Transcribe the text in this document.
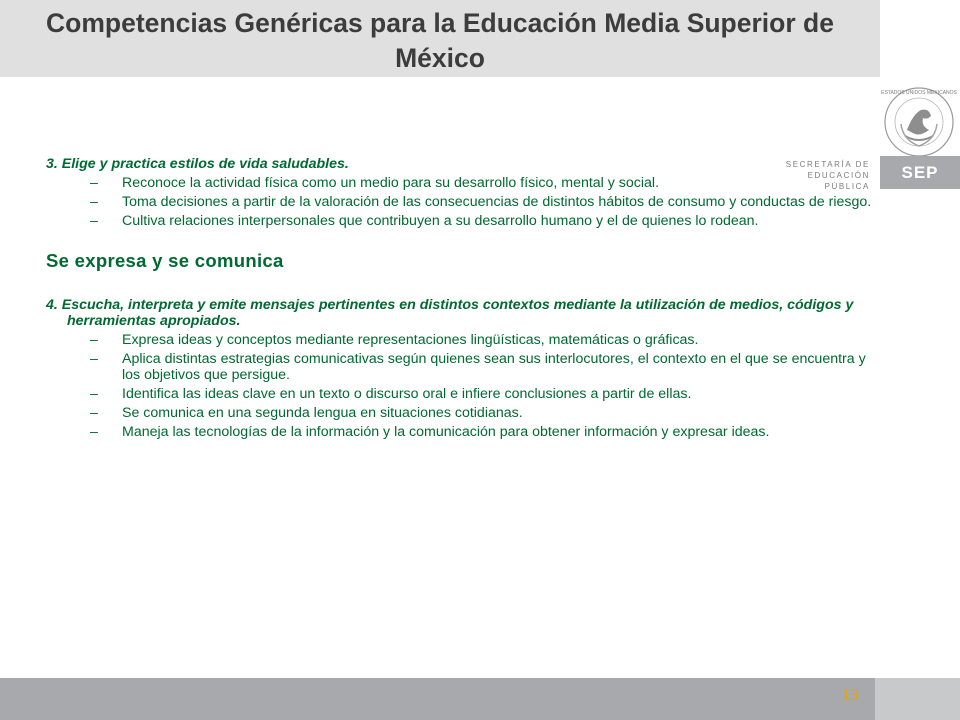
Competencias Genéricas para la Educación Media Superior de México
ESTADOS UNIDOS MEXICANOS
SECRETARÍA DE
EDUCACIÓN PÚBLICA
SEP

3. Elige y practica estilos de vida saludables.

– Reconoce la actividad física como un medio para su desarrollo físico, mental y social.
– Toma decisiones a partir de la valoración de las consecuencias de distintos hábitos de consumo y conductas de riesgo.
– Cultiva relaciones interpersonales que contribuyen a su desarrollo humano y el de quienes lo rodean.

Se expresa y se comunica

4. Escucha, interpreta y emite mensajes pertinentes en distintos contextos mediante la utilización de medios, códigos y herramientas apropiados.

– Expresa ideas y conceptos mediante representaciones lingüísticas, matemáticas o gráficas.
– Aplica distintas estrategias comunicativas según quienes sean sus interlocutores, el contexto en el que se encuentra y los objetivos que persigue.
– Identifica las ideas clave en un texto o discurso oral e infiere conclusiones a partir de ellas.
– Se comunica en una segunda lengua en situaciones cotidianas.
– Maneja las tecnologías de la información y la comunicación para obtener información y expresar ideas.
13
